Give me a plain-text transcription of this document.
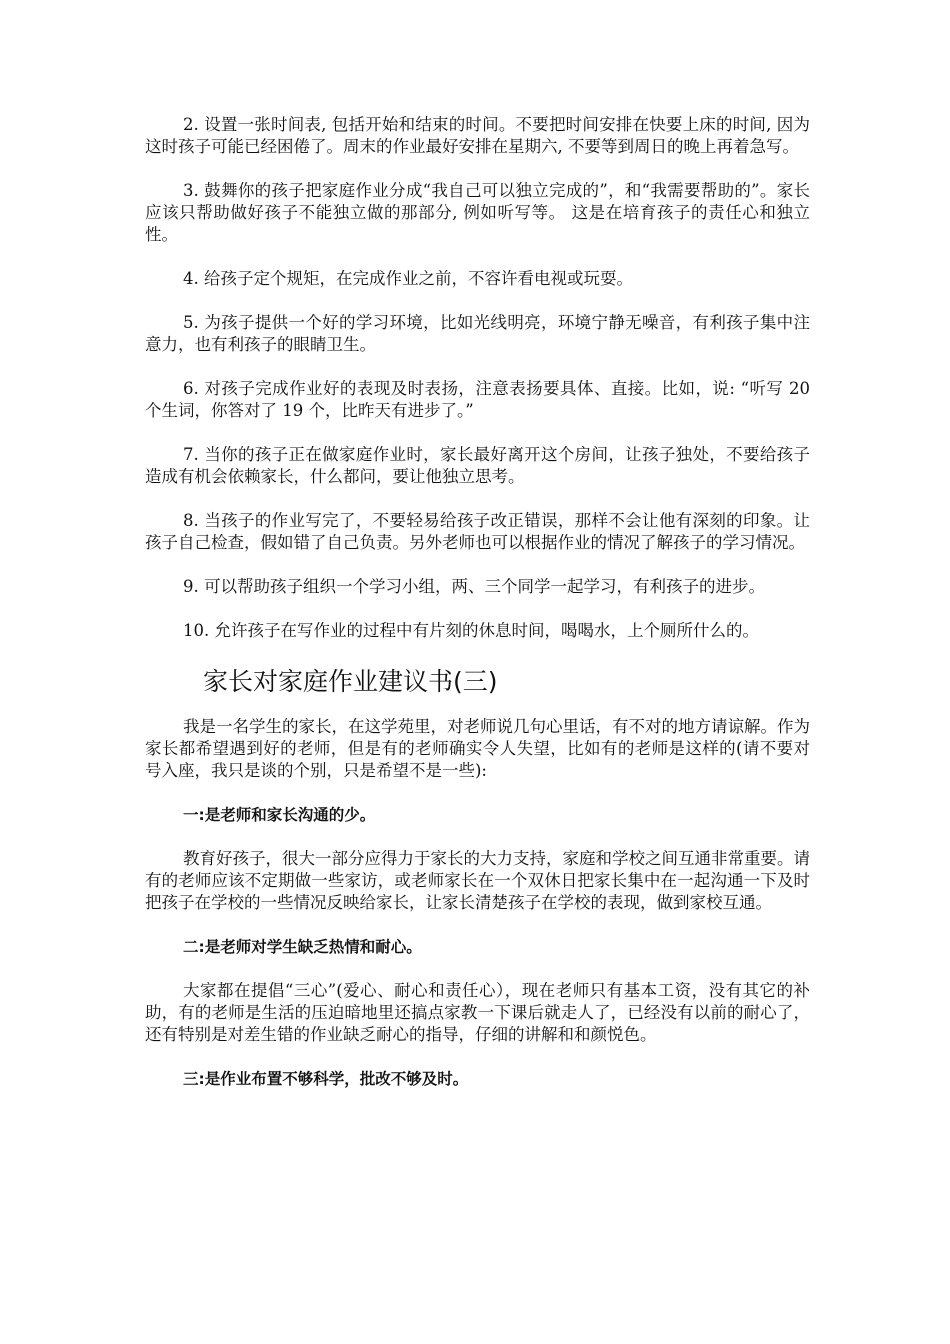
2. 设置一张时间表, 包括开始和结束的时间。不要把时间安排在快要上床的时间, 因为这时孩子可能已经困倦了。周末的作业最好安排在星期六, 不要等到周日的晚上再着急写。

3. 鼓舞你的孩子把家庭作业分成“我自己可以独立完成的”，和“我需要帮助的”。家长应该只帮助做好孩子不能独立做的那部分, 例如听写等。 这是在培育孩子的责任心和独立性。

4. 给孩子定个规矩，在完成作业之前，不容许看电视或玩耍。

5. 为孩子提供一个好的学习环境，比如光线明亮，环境宁静无噪音，有利孩子集中注意力，也有利孩子的眼睛卫生。

6. 对孩子完成作业好的表现及时表扬，注意表扬要具体、直接。比如，说: “听写 20 个生词，你答对了 19 个，比昨天有进步了。”

7. 当你的孩子正在做家庭作业时，家长最好离开这个房间，让孩子独处，不要给孩子造成有机会依赖家长，什么都问，要让他独立思考。

8. 当孩子的作业写完了，不要轻易给孩子改正错误，那样不会让他有深刻的印象。让孩子自己检查，假如错了自己负责。另外老师也可以根据作业的情况了解孩子的学习情况。

9. 可以帮助孩子组织一个学习小组，两、三个同学一起学习，有利孩子的进步。

10. 允许孩子在写作业的过程中有片刻的休息时间，喝喝水，上个厕所什么的。

家长对家庭作业建议书(三)

我是一名学生的家长，在这学苑里，对老师说几句心里话，有不对的地方请谅解。作为家长都希望遇到好的老师，但是有的老师确实令人失望，比如有的老师是这样的(请不要对号入座，我只是谈的个别，只是希望不是一些):

一:是老师和家长沟通的少。

教育好孩子，很大一部分应得力于家长的大力支持，家庭和学校之间互通非常重要。请有的老师应该不定期做一些家访，或老师家长在一个双休日把家长集中在一起沟通一下及时把孩子在学校的一些情况反映给家长，让家长清楚孩子在学校的表现，做到家校互通。

二:是老师对学生缺乏热情和耐心。

大家都在提倡“三心”(爱心、耐心和责任心），现在老师只有基本工资，没有其它的补助，有的老师是生活的压迫暗地里还搞点家教一下课后就走人了，已经没有以前的耐心了，还有特别是对差生错的作业缺乏耐心的指导，仔细的讲解和和颜悦色。

三:是作业布置不够科学，批改不够及时。
